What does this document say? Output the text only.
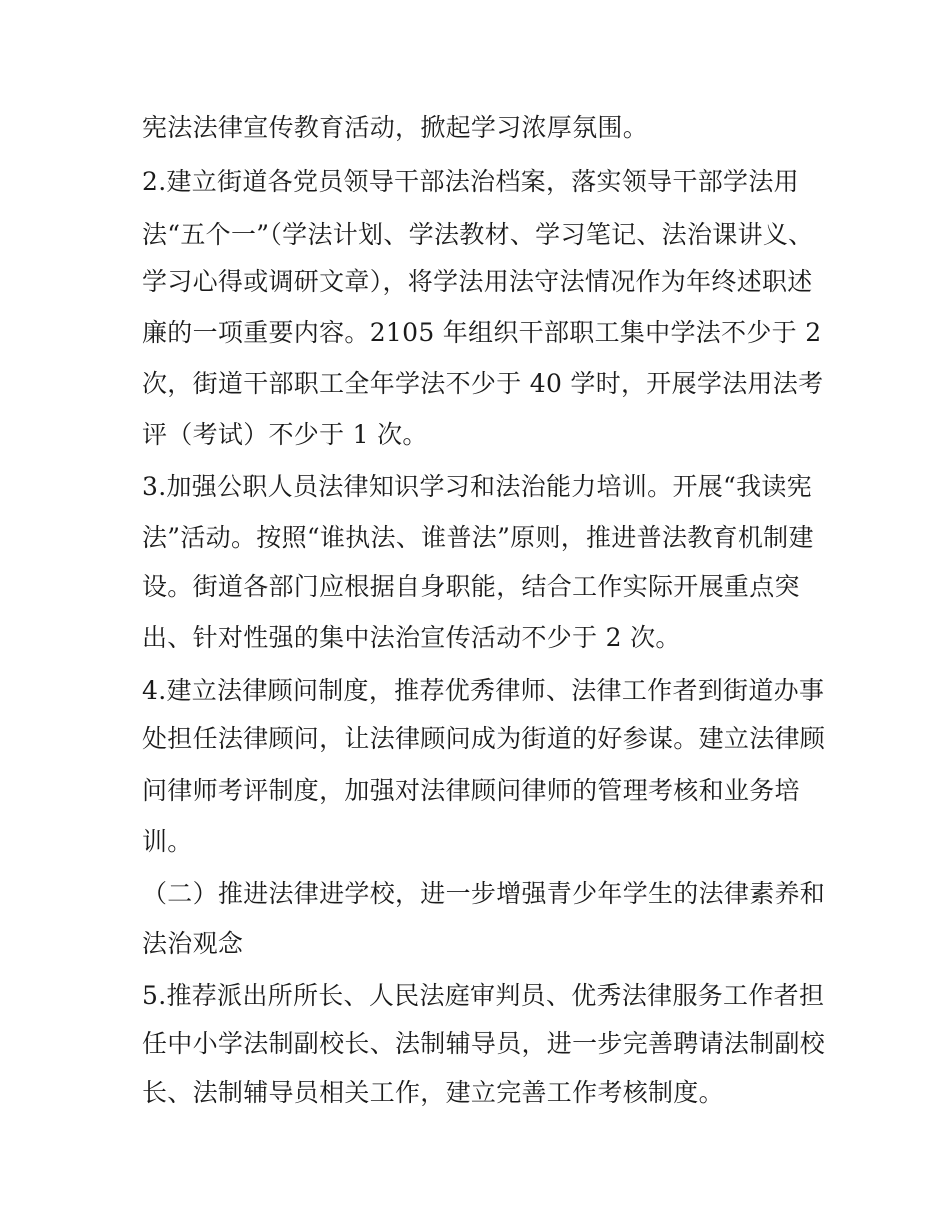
宪法法律宣传教育活动，掀起学习浓厚氛围。
2.建立街道各党员领导干部法治档案，落实领导干部学法用
法“五个一”（学法计划、学法教材、学习笔记、法治课讲义、
学习心得或调研文章），将学法用法守法情况作为年终述职述
廉的一项重要内容。2105 年组织干部职工集中学法不少于 2
次，街道干部职工全年学法不少于 40 学时，开展学法用法考
评（考试）不少于 1 次。
3.加强公职人员法律知识学习和法治能力培训。开展“我读宪
法”活动。按照“谁执法、谁普法”原则，推进普法教育机制建
设。街道各部门应根据自身职能，结合工作实际开展重点突
出、针对性强的集中法治宣传活动不少于 2 次。
4.建立法律顾问制度，推荐优秀律师、法律工作者到街道办事
处担任法律顾问，让法律顾问成为街道的好参谋。建立法律顾
问律师考评制度，加强对法律顾问律师的管理考核和业务培
训。
（二）推进法律进学校，进一步增强青少年学生的法律素养和
法治观念
5.推荐派出所所长、人民法庭审判员、优秀法律服务工作者担
任中小学法制副校长、法制辅导员，进一步完善聘请法制副校
长、法制辅导员相关工作，建立完善工作考核制度。
